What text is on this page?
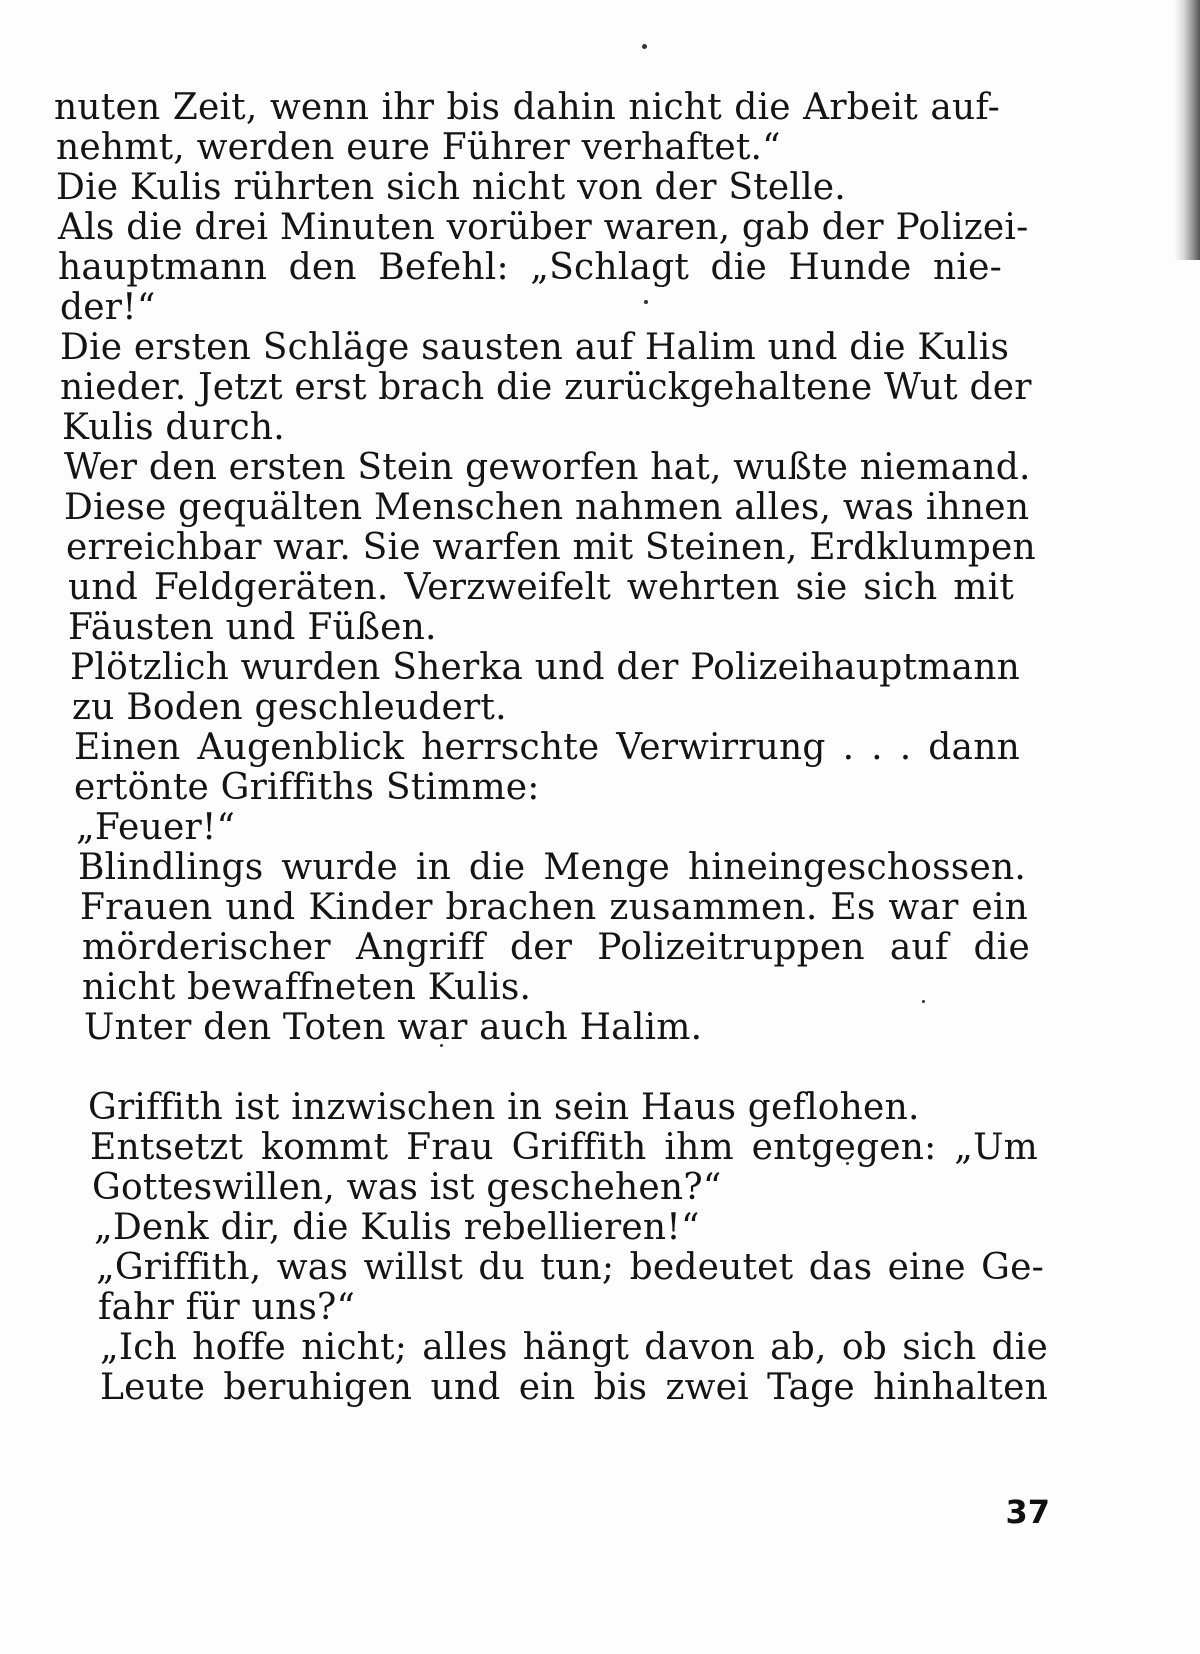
nuten Zeit, wenn ihr bis dahin nicht die Arbeit auf-
nehmt, werden eure Führer verhaftet.“
Die Kulis rührten sich nicht von der Stelle.
Als die drei Minuten vorüber waren, gab der Polizei-
hauptmann den Befehl: „Schlagt die Hunde nie-
der!“
Die ersten Schläge sausten auf Halim und die Kulis
nieder. Jetzt erst brach die zurückgehaltene Wut der
Kulis durch.
Wer den ersten Stein geworfen hat, wußte niemand.
Diese gequälten Menschen nahmen alles, was ihnen
erreichbar war. Sie warfen mit Steinen, Erdklumpen
und Feldgeräten. Verzweifelt wehrten sie sich mit
Fäusten und Füßen.
Plötzlich wurden Sherka und der Polizeihauptmann
zu Boden geschleudert.
Einen Augenblick herrschte Verwirrung . . . dann
ertönte Griffiths Stimme:
„Feuer!“
Blindlings wurde in die Menge hineingeschossen.
Frauen und Kinder brachen zusammen. Es war ein
mörderischer Angriff der Polizeitruppen auf die
nicht bewaffneten Kulis.
Unter den Toten war auch Halim.
Griffith ist inzwischen in sein Haus geflohen.
Entsetzt kommt Frau Griffith ihm entgegen: „Um
Gotteswillen, was ist geschehen?“
„Denk dir, die Kulis rebellieren!“
„Griffith, was willst du tun; bedeutet das eine Ge-
fahr für uns?“
„Ich hoffe nicht; alles hängt davon ab, ob sich die
Leute beruhigen und ein bis zwei Tage hinhalten
37
